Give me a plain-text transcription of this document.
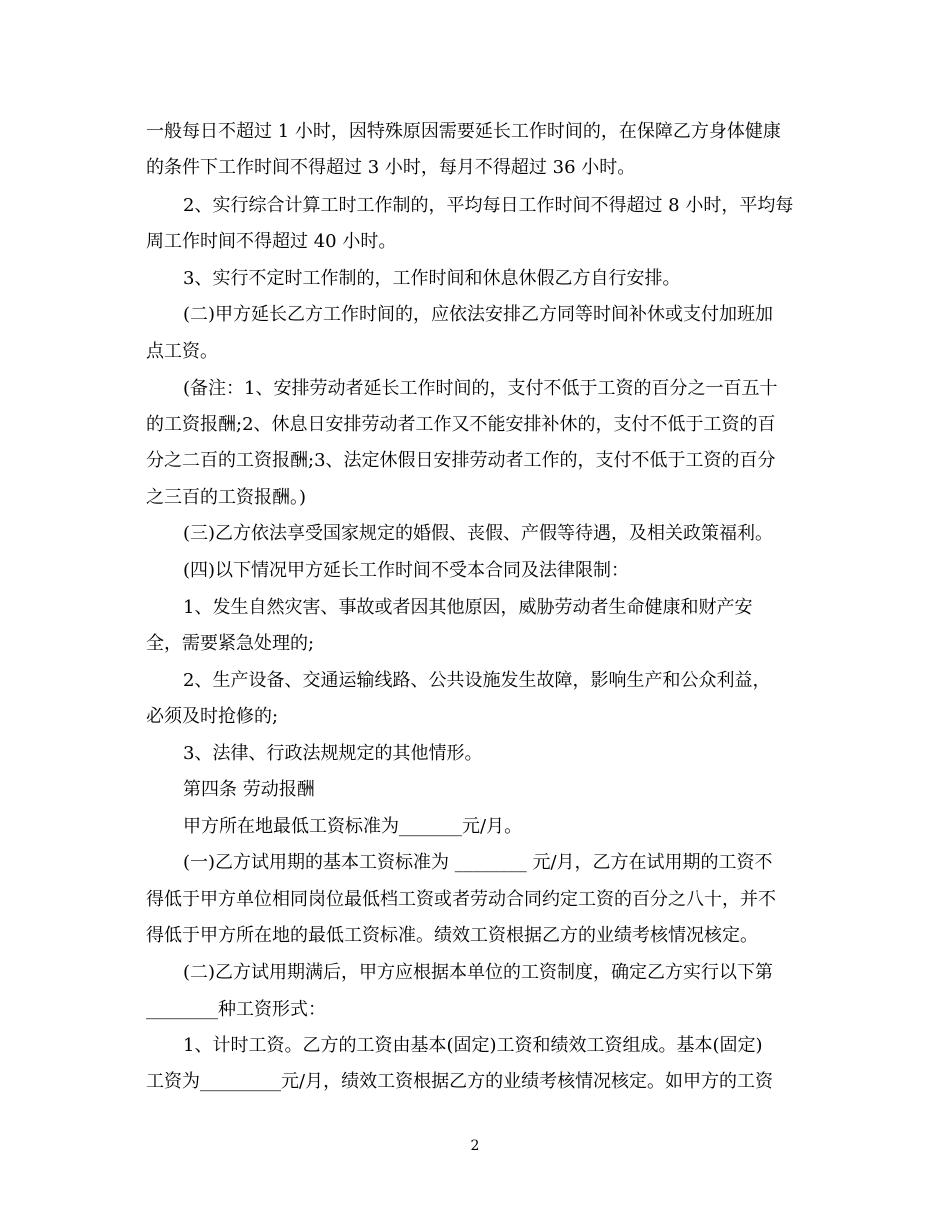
一般每日不超过 1 小时，因特殊原因需要延长工作时间的，在保障乙方身体健康
的条件下工作时间不得超过 3 小时，每月不得超过 36 小时。
2、实行综合计算工时工作制的，平均每日工作时间不得超过 8 小时，平均每
周工作时间不得超过 40 小时。
3、实行不定时工作制的，工作时间和休息休假乙方自行安排。
(二)甲方延长乙方工作时间的，应依法安排乙方同等时间补休或支付加班加
点工资。
(备注：1、安排劳动者延长工作时间的，支付不低于工资的百分之一百五十
的工资报酬;2、休息日安排劳动者工作又不能安排补休的，支付不低于工资的百
分之二百的工资报酬;3、法定休假日安排劳动者工作的，支付不低于工资的百分
之三百的工资报酬。)
(三)乙方依法享受国家规定的婚假、丧假、产假等待遇，及相关政策福利。
(四)以下情况甲方延长工作时间不受本合同及法律限制：
1、发生自然灾害、事故或者因其他原因，威胁劳动者生命健康和财产安
全，需要紧急处理的;
2、生产设备、交通运输线路、公共设施发生故障，影响生产和公众利益，
必须及时抢修的;
3、法律、行政法规规定的其他情形。
第四条 劳动报酬
甲方所在地最低工资标准为_______元/月。
(一)乙方试用期的基本工资标准为 ________ 元/月，乙方在试用期的工资不
得低于甲方单位相同岗位最低档工资或者劳动合同约定工资的百分之八十，并不
得低于甲方所在地的最低工资标准。绩效工资根据乙方的业绩考核情况核定。
(二)乙方试用期满后，甲方应根据本单位的工资制度，确定乙方实行以下第
________种工资形式：
1、计时工资。乙方的工资由基本(固定)工资和绩效工资组成。基本(固定)
工资为_________元/月，绩效工资根据乙方的业绩考核情况核定。如甲方的工资
2
